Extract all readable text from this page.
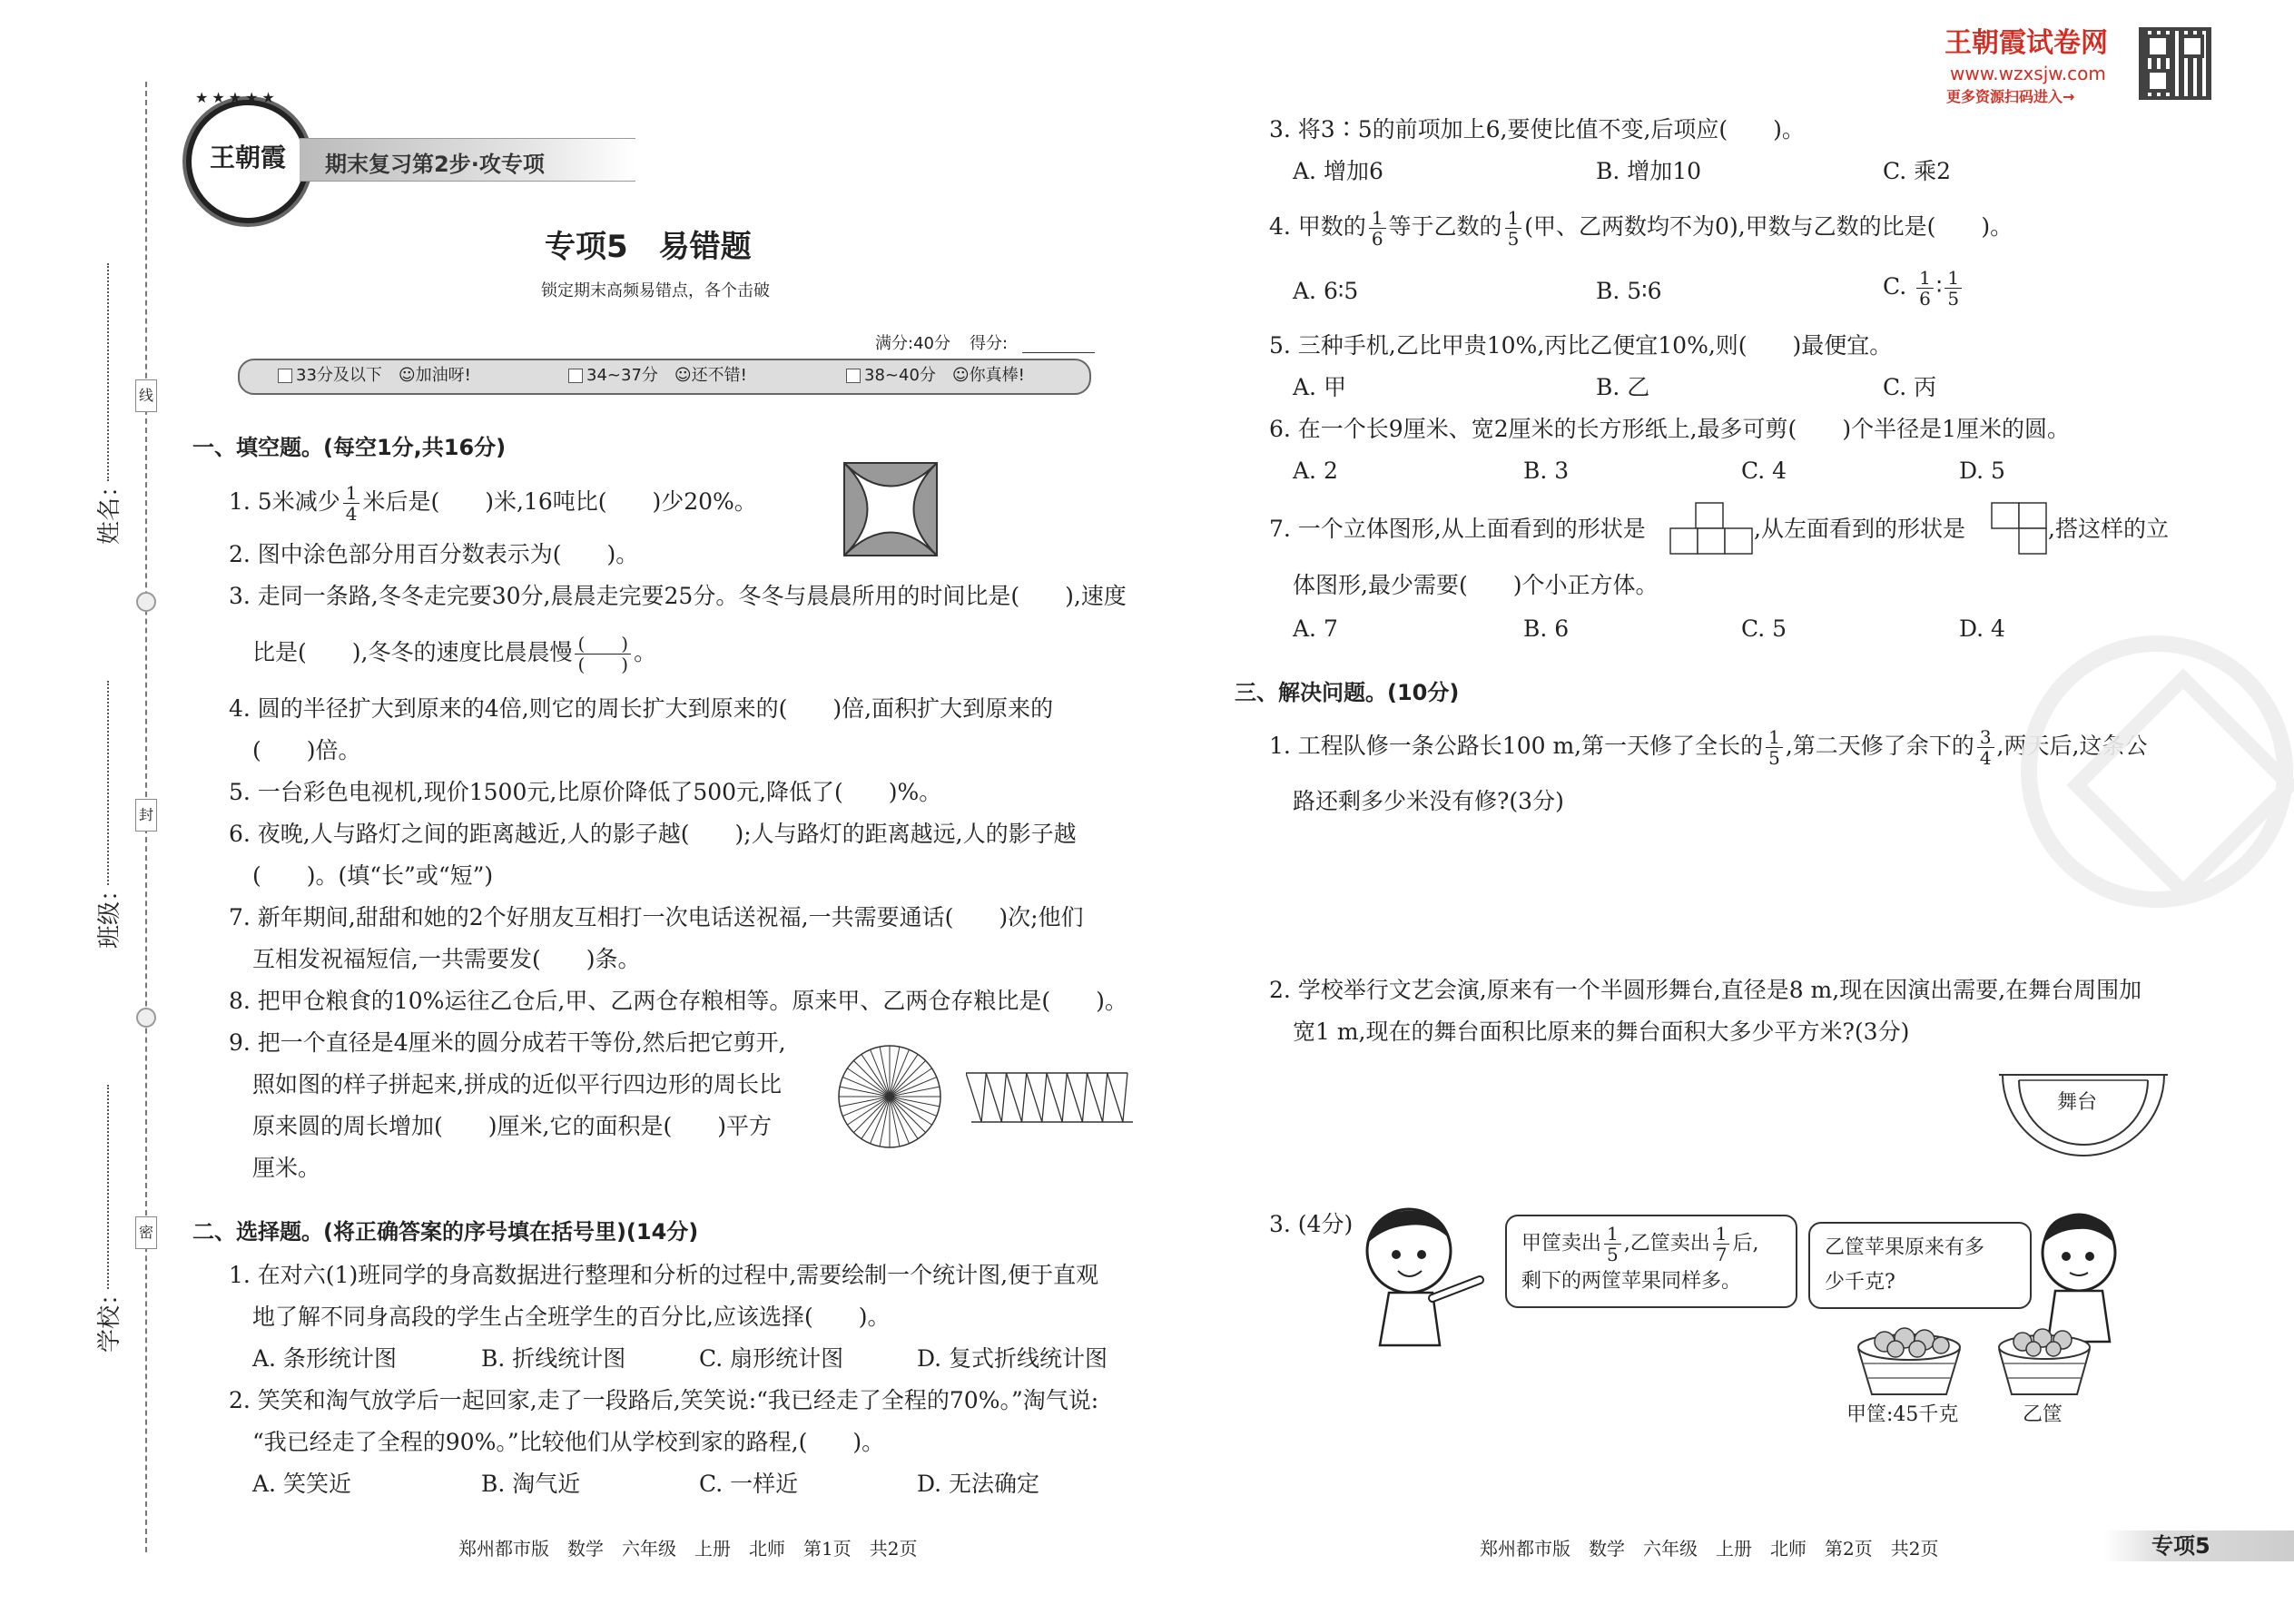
线
封
密
姓名：
班级：
学校：
王朝霞
★★★★★
期末复习第2步·攻专项
专项5　易错题
锁定期末高频易错点，各个击破
满分:40分 得分:
33分及以下　 ☺加油呀!	34~37分　 ☺还不错!	38~40分　 ☺你真棒!
一、填空题。(每空1分,共16分)
1. 5米减少 $\frac{1}{4}$ 米后是(　　)米,16吨比(　　)少20%。
2. 图中涂色部分用百分数表示为(　　)。
3. 走同一条路,冬冬走完要30分,晨晨走完要25分。冬冬与晨晨所用的时间比是(　　),速度
比是(　　),冬冬的速度比晨晨慢 $\frac{( )}{( )}$ 。
4. 圆的半径扩大到原来的4倍,则它的周长扩大到原来的(　　)倍,面积扩大到原来的
(　　)倍。
5. 一台彩色电视机,现价1500元,比原价降低了500元,降低了(　　)%。
6. 夜晚,人与路灯之间的距离越近,人的影子越(　　);人与路灯的距离越远,人的影子越
(　　)。(填“长”或“短”)
7. 新年期间,甜甜和她的2个好朋友互相打一次电话送祝福,一共需要通话(　　)次;他们
互相发祝福短信,一共需要发(　　)条。
8. 把甲仓粮食的10%运往乙仓后,甲、乙两仓存粮相等。原来甲、乙两仓存粮比是(　　)。
9. 把一个直径是4厘米的圆分成若干等份,然后把它剪开,
照如图的样子拼起来,拼成的近似平行四边形的周长比
原来圆的周长增加(　　)厘米,它的面积是(　　)平方
厘米。
二、选择题。(将正确答案的序号填在括号里)(14分)
1. 在对六(1)班同学的身高数据进行整理和分析的过程中,需要绘制一个统计图,便于直观
地了解不同身高段的学生占全班学生的百分比,应该选择(　　)。
A. 条形统计图	B. 折线统计图	C. 扇形统计图	D. 复式折线统计图
2. 笑笑和淘气放学后一起回家,走了一段路后,笑笑说:“我已经走了全程的70%。”淘气说:
“我已经走了全程的90%。”比较他们从学校到家的路程,(　　)。
A. 笑笑近	B. 淘气近	C. 一样近	D. 无法确定
郑州都市版　数学　六年级　上册　北师　第1页　共2页
王朝霞试卷网
www.wzxsjw.com
更多资源扫码进入→
3. 将3∶5的前项加上6,要使比值不变,后项应(　　)。
A. 增加6	B. 增加10	C. 乘2
4. 甲数的 $\frac{1}{6}$ 等于乙数的 $\frac{1}{5}$ (甲、乙两数均不为0),甲数与乙数的比是(　　)。
A. 6∶5	B. 5∶6	C. $\frac{1}{6}$ ∶ $\frac{1}{5}$
5. 三种手机,乙比甲贵10%,丙比乙便宜10%,则(　　)最便宜。
A. 甲	B. 乙	C. 丙
6. 在一个长9厘米、宽2厘米的长方形纸上,最多可剪(　　)个半径是1厘米的圆。
A. 2	B. 3	C. 4	D. 5
7. 一个立体图形,从上面看到的形状是	,从左面看到的形状是	,搭这样的立
体图形,最少需要(　　)个小正方体。
A. 7	B. 6	C. 5	D. 4
三、解决问题。(10分)
1. 工程队修一条公路长100 m,第一天修了全长的 $\frac{1}{5}$ ,第二天修了余下的 $\frac{3}{4}$ ,两天后,这条公
路还剩多少米没有修?(3分)
2. 学校举行文艺会演,原来有一个半圆形舞台,直径是8 m,现在因演出需要,在舞台周围加
宽1 m,现在的舞台面积比原来的舞台面积大多少平方米?(3分)
舞台
3. (4分)
甲筐卖出 $\frac{1}{5}$ ,乙筐卖出 $\frac{1}{7}$ 后,
剩下的两筐苹果同样多。
乙筐苹果原来有多
少千克?
甲筐:45千克	乙筐
郑州都市版　数学　六年级　上册　北师　第2页　共2页	专项5
